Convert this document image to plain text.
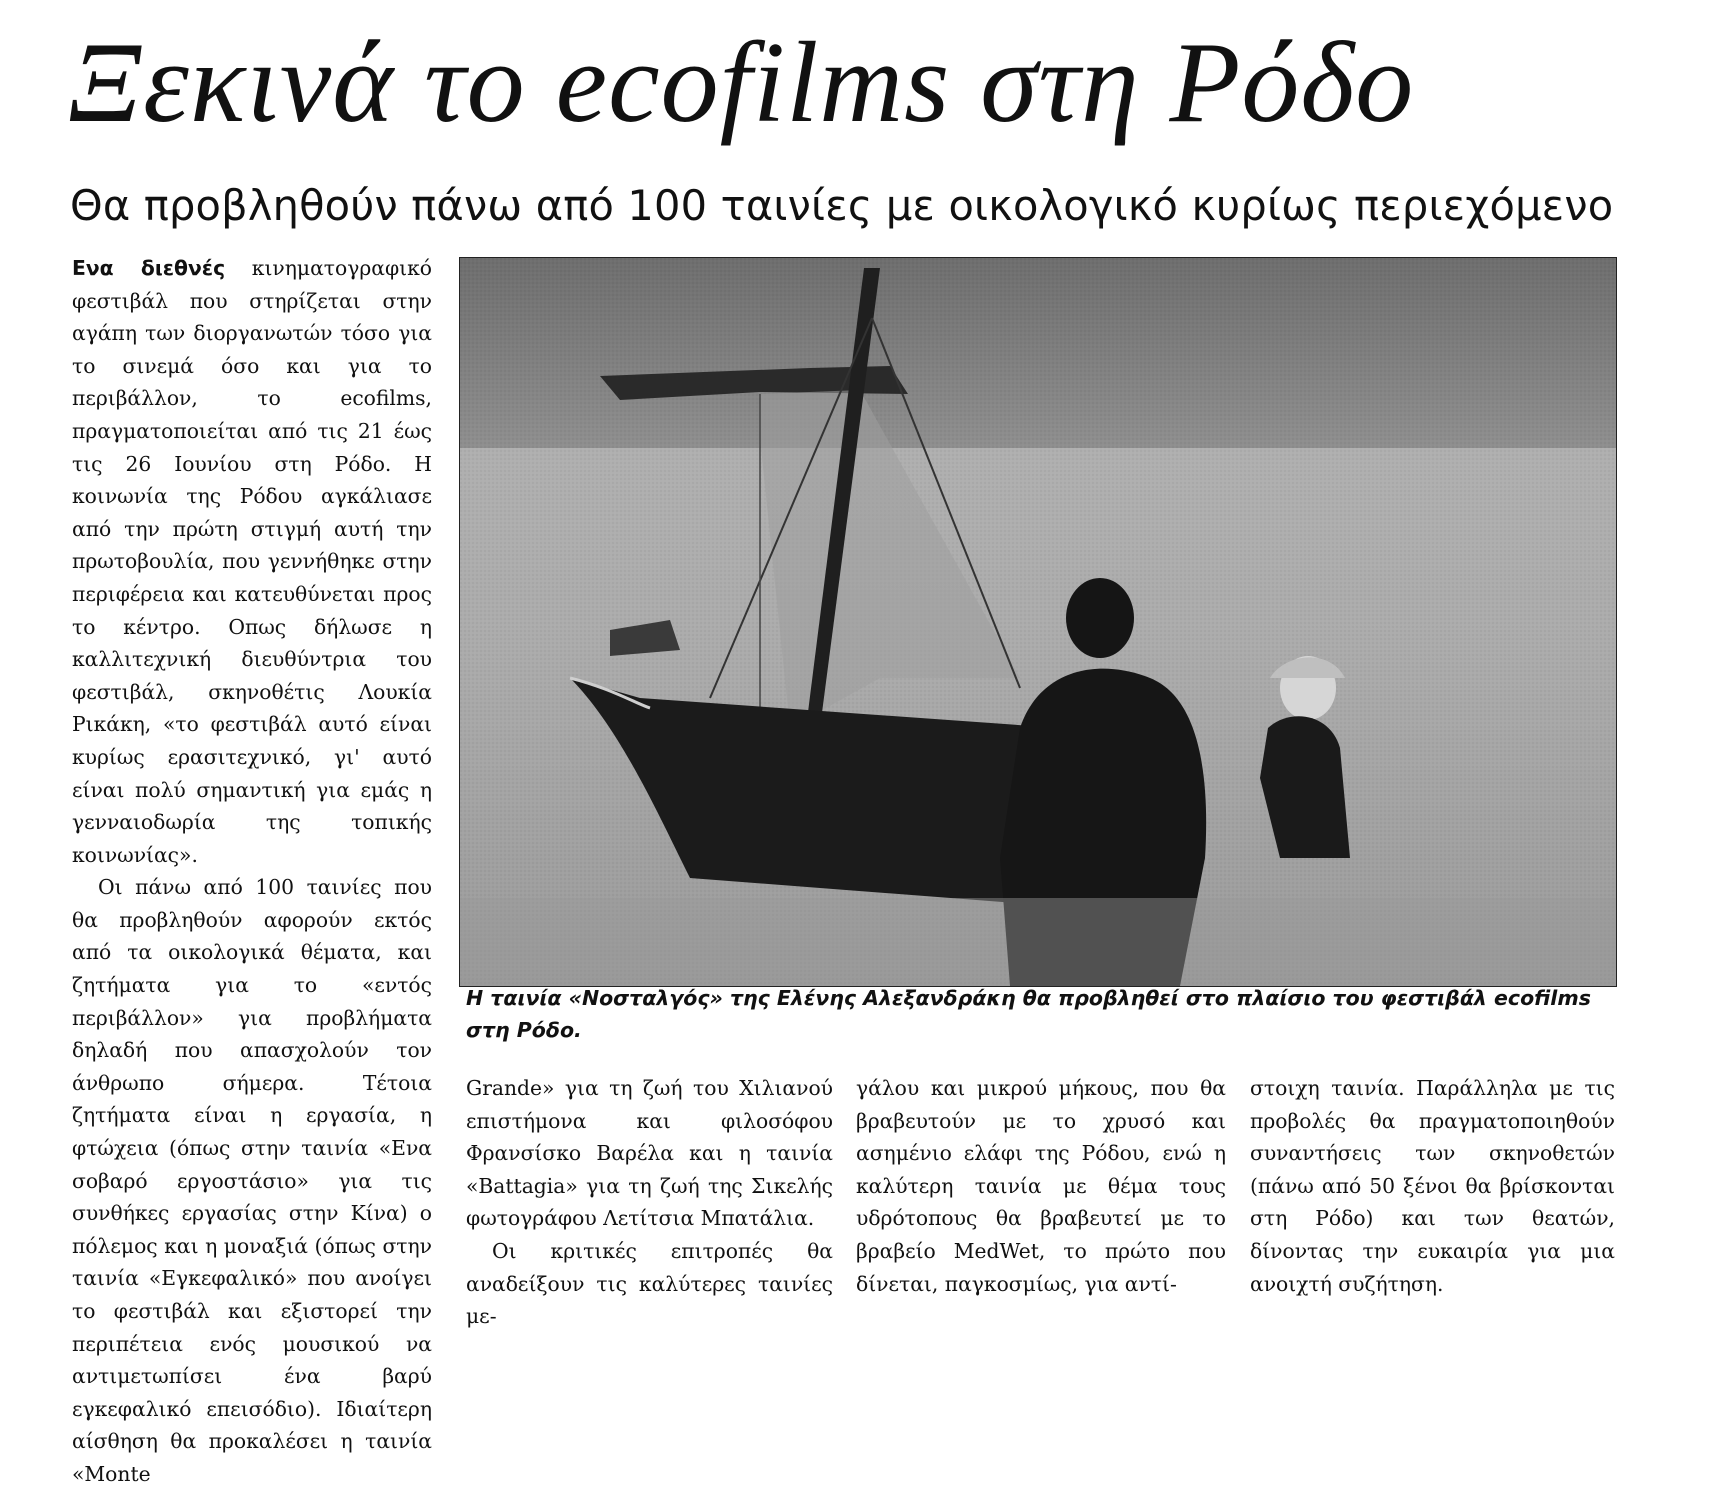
Ξεκινά το ecofilms στη Ρόδο
Θα προβληθούν πάνω από 100 ταινίες με οικολογικό κυρίως περιεχόμενο

Ενα διεθνές κινηματογραφικό φεστιβάλ που στηρίζεται στην αγάπη των διοργανωτών τόσο για το σινεμά όσο και για το περιβάλλον, το ecofilms, πραγματοποιείται από τις 21 έως τις 26 Ιουνίου στη Ρόδο. Η κοινωνία της Ρόδου αγκάλιασε από την πρώτη στιγμή αυτή την πρωτοβουλία, που γεννήθηκε στην περιφέρεια και κατευθύνεται προς το κέντρο. Οπως δήλωσε η καλλιτεχνική διευθύντρια του φεστιβάλ, σκηνοθέτις Λουκία Ρικάκη, «το φεστιβάλ αυτό είναι κυρίως ερασιτεχνικό, γι' αυτό είναι πολύ σημαντική για εμάς η γενναιοδωρία της τοπικής κοινωνίας».

Οι πάνω από 100 ταινίες που θα προβληθούν αφορούν εκτός από τα οικολογικά θέματα, και ζητήματα για το «εντός περιβάλλον» για προβλήματα δηλαδή που απασχολούν τον άνθρωπο σήμερα. Τέτοια ζητήματα είναι η εργασία, η φτώχεια (όπως στην ταινία «Ενα σοβαρό εργοστάσιο» για τις συνθήκες εργασίας στην Κίνα) ο πόλεμος και η μοναξιά (όπως στην ταινία «Εγκεφαλικό» που ανοίγει το φεστιβάλ και εξιστορεί την περιπέτεια ενός μουσικού να αντιμετωπίσει ένα βαρύ εγκεφαλικό επεισόδιο). Ιδιαίτερη αίσθηση θα προκαλέσει η ταινία «Monte

Η ταινία «Νοσταλγός» της Ελένης Αλεξανδράκη θα προβληθεί στο πλαίσιο του φεστιβάλ ecofilms στη Ρόδο.

Grande» για τη ζωή του Χιλιανού επιστήμονα και φιλοσόφου Φρανσίσκο Βαρέλα και η ταινία «Battagia» για τη ζωή της Σικελής φωτογράφου Λετίτσια Μπατάλια.

Οι κριτικές επιτροπές θα αναδείξουν τις καλύτερες ταινίες με-

γάλου και μικρού μήκους, που θα βραβευτούν με το χρυσό και ασημένιο ελάφι της Ρόδου, ενώ η καλύτερη ταινία με θέμα τους υδρότοπους θα βραβευτεί με το βραβείο MedWet, το πρώτο που δίνεται, παγκοσμίως, για αντί-

στοιχη ταινία. Παράλληλα με τις προβολές θα πραγματοποιηθούν συναντήσεις των σκηνοθετών (πάνω από 50 ξένοι θα βρίσκονται στη Ρόδο) και των θεατών, δίνοντας την ευκαιρία για μια ανοιχτή συζήτηση.
